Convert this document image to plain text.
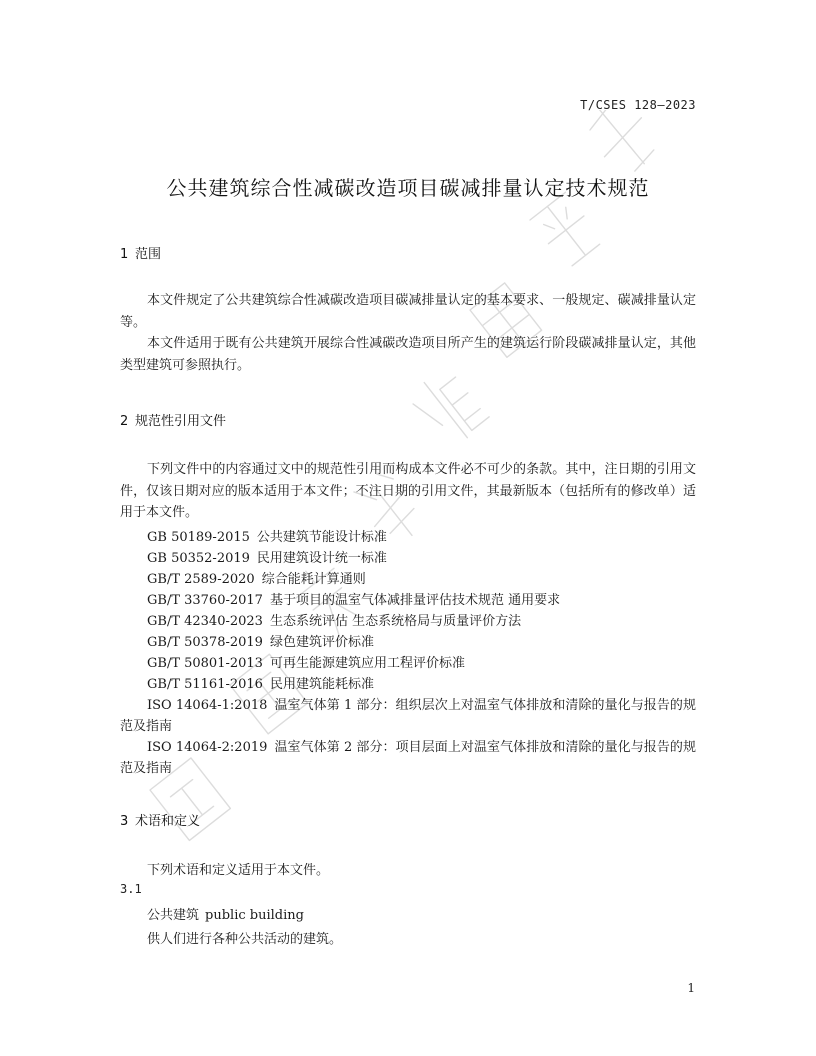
T/CSES 128—2023
公共建筑综合性减碳改造项目碳减排量认定技术规范
1 范围

本文件规定了公共建筑综合性减碳改造项目碳减排量认定的基本要求、一般规定、碳减排量认定等。

本文件适用于既有公共建筑开展综合性减碳改造项目所产生的建筑运行阶段碳减排量认定，其他类型建筑可参照执行。

2 规范性引用文件

下列文件中的内容通过文中的规范性引用而构成本文件必不可少的条款。其中，注日期的引用文件，仅该日期对应的版本适用于本文件；不注日期的引用文件，其最新版本（包括所有的修改单）适用于本文件。

GB 50189-2015 公共建筑节能设计标准
GB 50352-2019 民用建筑设计统一标准
GB/T 2589-2020 综合能耗计算通则
GB/T 33760-2017 基于项目的温室气体减排量评估技术规范 通用要求
GB/T 42340-2023 生态系统评估 生态系统格局与质量评价方法
GB/T 50378-2019 绿色建筑评价标准
GB/T 50801-2013 可再生能源建筑应用工程评价标准
GB/T 51161-2016 民用建筑能耗标准
ISO 14064-1:2018 温室气体第 1 部分：组织层次上对温室气体排放和清除的量化与报告的规范及指南
ISO 14064-2:2019 温室气体第 2 部分：项目层面上对温室气体排放和清除的量化与报告的规范及指南
3 术语和定义

下列术语和定义适用于本文件。

3.1
公共建筑 public building
供人们进行各种公共活动的建筑。
1
